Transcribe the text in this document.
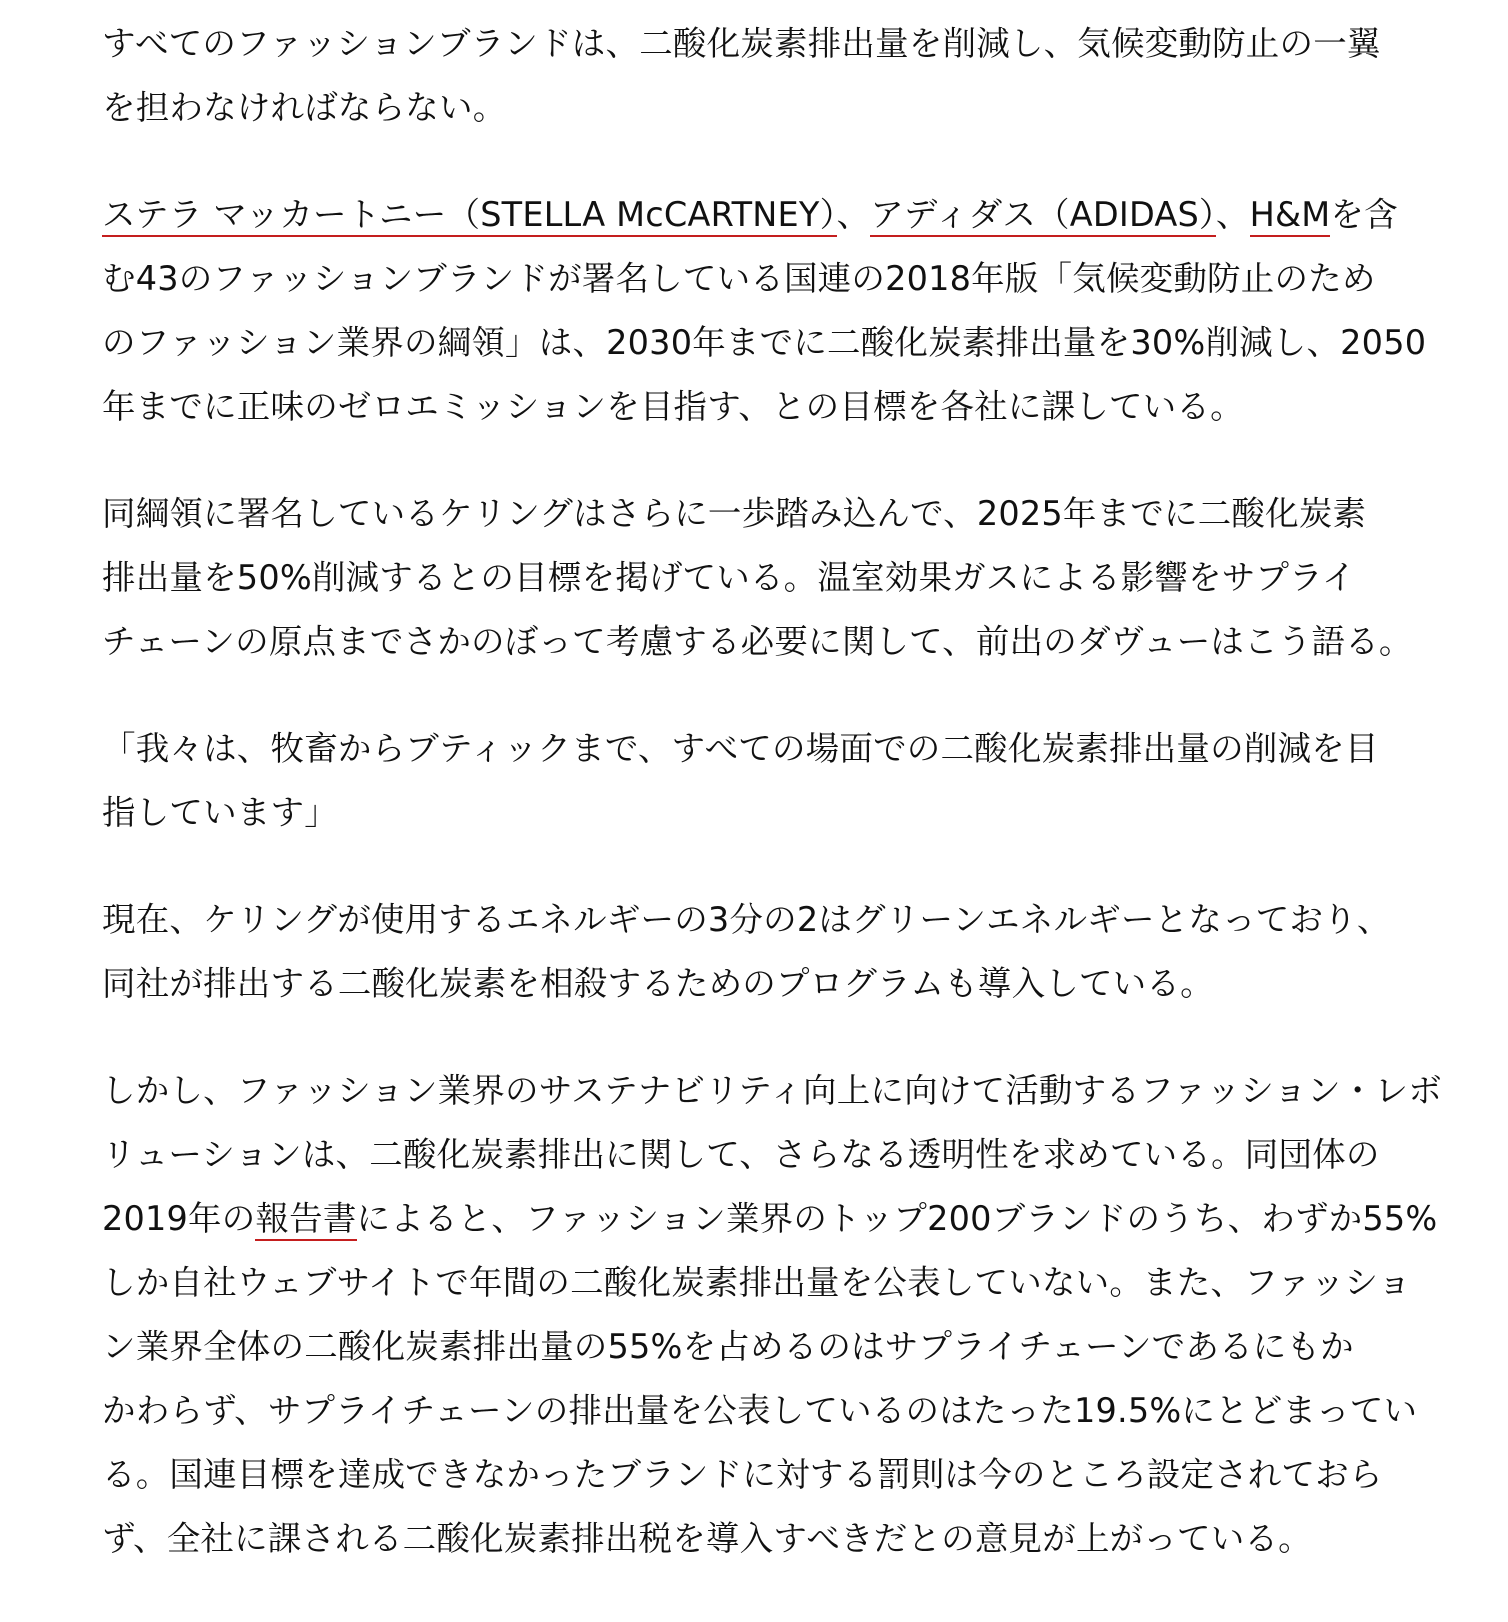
すべてのファッションブランドは、二酸化炭素排出量を削減し、気候変動防止の一翼
を担わなければならない。

ステラ マッカートニー（STELLA McCARTNEY）、アディダス（ADIDAS）、H&Mを含
む43のファッションブランドが署名している国連の2018年版「気候変動防止のため
のファッション業界の綱領」は、2030年までに二酸化炭素排出量を30%削減し、2050
年までに正味のゼロエミッションを目指す、との目標を各社に課している。

同綱領に署名しているケリングはさらに一歩踏み込んで、2025年までに二酸化炭素
排出量を50%削減するとの目標を掲げている。温室効果ガスによる影響をサプライ
チェーンの原点までさかのぼって考慮する必要に関して、前出のダヴューはこう語る。

「我々は、牧畜からブティックまで、すべての場面での二酸化炭素排出量の削減を目
指しています」

現在、ケリングが使用するエネルギーの3分の2はグリーンエネルギーとなっており、
同社が排出する二酸化炭素を相殺するためのプログラムも導入している。

しかし、ファッション業界のサステナビリティ向上に向けて活動するファッション・レボ
リューションは、二酸化炭素排出に関して、さらなる透明性を求めている。同団体の
2019年の報告書によると、ファッション業界のトップ200ブランドのうち、わずか55%
しか自社ウェブサイトで年間の二酸化炭素排出量を公表していない。また、ファッショ
ン業界全体の二酸化炭素排出量の55%を占めるのはサプライチェーンであるにもか
かわらず、サプライチェーンの排出量を公表しているのはたった19.5%にとどまってい
る。国連目標を達成できなかったブランドに対する罰則は今のところ設定されておら
ず、全社に課される二酸化炭素排出税を導入すべきだとの意見が上がっている。
